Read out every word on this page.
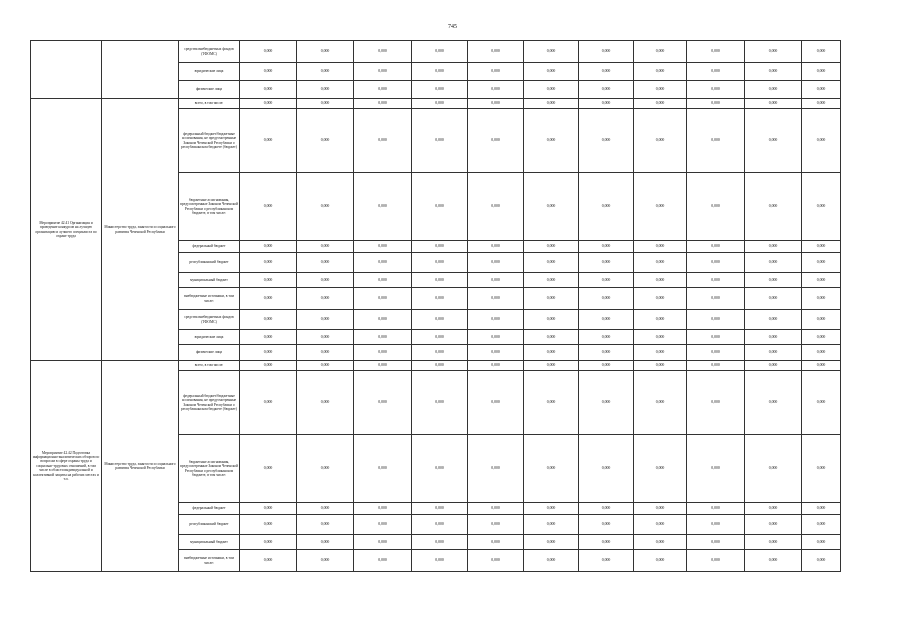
745
		средства внебюджетных фондов (ТФОМС)	0,000	0,000	0,000	0,000	0,000	0,000	0,000	0,000	0,000	0,000	0,000
		юридические лица	0,000	0,000	0,000	0,000	0,000	0,000	0,000	0,000	0,000	0,000	0,000
		физические лица	0,000	0,000	0,000	0,000	0,000	0,000	0,000	0,000	0,000	0,000	0,000
Мероприятие 42.41 Организация и проведение конкурсов на лучшую организацию и лучшего специалиста по охране труда	Министерство труда, занятости и социального развития Чеченской Республики	всего, в том числе:	0,000	0,000	0,000	0,000	0,000	0,000	0,000	0,000	0,000	0,000	0,000
		федеральный бюджет/бюджетные ассигнования, не предусмотренные Законом Чеченской Республики о республиканском бюджете (бюджет)	0,000	0,000	0,000	0,000	0,000	0,000	0,000	0,000	0,000	0,000	0,000
		бюджетные ассигнования, предусмотренные Законом Чеченской Республики о республиканском бюджете, в том числе:	0,000	0,000	0,000	0,000	0,000	0,000	0,000	0,000	0,000	0,000	0,000
		федеральный бюджет	0,000	0,000	0,000	0,000	0,000	0,000	0,000	0,000	0,000	0,000	0,000
		республиканский бюджет	0,000	0,000	0,000	0,000	0,000	0,000	0,000	0,000	0,000	0,000	0,000
		муниципальный бюджет	0,000	0,000	0,000	0,000	0,000	0,000	0,000	0,000	0,000	0,000	0,000
		внебюджетные источники, в том числе:	0,000	0,000	0,000	0,000	0,000	0,000	0,000	0,000	0,000	0,000	0,000
		средства внебюджетных фондов (ТФОМС)	0,000	0,000	0,000	0,000	0,000	0,000	0,000	0,000	0,000	0,000	0,000
		юридические лица	0,000	0,000	0,000	0,000	0,000	0,000	0,000	0,000	0,000	0,000	0,000
		физические лица	0,000	0,000	0,000	0,000	0,000	0,000	0,000	0,000	0,000	0,000	0,000
Мероприятие 42.42 Подготовка информационно-аналитических обзоров по вопросам в сфере охраны труда и социально-трудовых отношений, в том числе в области индивидуальной и коллективной защиты на рабочих местах и т.п.	Министерство труда, занятости и социального развития Чеченской Республики	всего, в том числе:	0,000	0,000	0,000	0,000	0,000	0,000	0,000	0,000	0,000	0,000	0,000
		федеральный бюджет/бюджетные ассигнования, не предусмотренные Законом Чеченской Республики о республиканском бюджете (бюджет)	0,000	0,000	0,000	0,000	0,000	0,000	0,000	0,000	0,000	0,000	0,000
		бюджетные ассигнования, предусмотренные Законом Чеченской Республики о республиканском бюджете, в том числе:	0,000	0,000	0,000	0,000	0,000	0,000	0,000	0,000	0,000	0,000	0,000
		федеральный бюджет	0,000	0,000	0,000	0,000	0,000	0,000	0,000	0,000	0,000	0,000	0,000
		республиканский бюджет	0,000	0,000	0,000	0,000	0,000	0,000	0,000	0,000	0,000	0,000	0,000
		муниципальный бюджет	0,000	0,000	0,000	0,000	0,000	0,000	0,000	0,000	0,000	0,000	0,000
		внебюджетные источники, в том числе:	0,000	0,000	0,000	0,000	0,000	0,000	0,000	0,000	0,000	0,000	0,000
